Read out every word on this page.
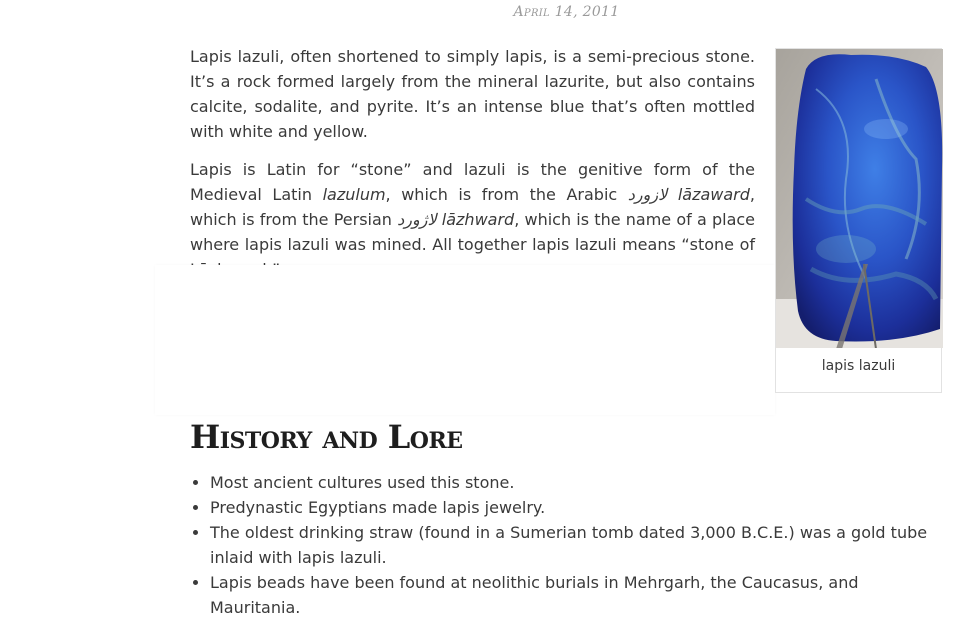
April 14, 2011

Lapis lazuli, often shortened to simply lapis, is a semi-precious stone. It’s a rock formed largely from the mineral lazurite, but also contains calcite, sodalite, and pyrite. It’s an intense blue that’s often mottled with white and yellow.

Lapis is Latin for “stone” and lazuli is the genitive form of the Medieval Latin lazulum, which is from the Arabic لازورد lāzaward, which is from the Persian لاژورد lāzhward, which is the name of a place where lapis lazuli was mined. All together lapis lazuli means “stone of

lapis lazuli
History and Lore
• Most ancient cultures used this stone.
• Predynastic Egyptians made lapis jewelry.
• The oldest drinking straw (found in a Sumerian tomb dated 3,000 B.C.E.) was a gold tube inlaid with lapis lazuli.
• Lapis beads have been found at neolithic burials in Mehrgarh, the Caucasus, and Mauritania.
